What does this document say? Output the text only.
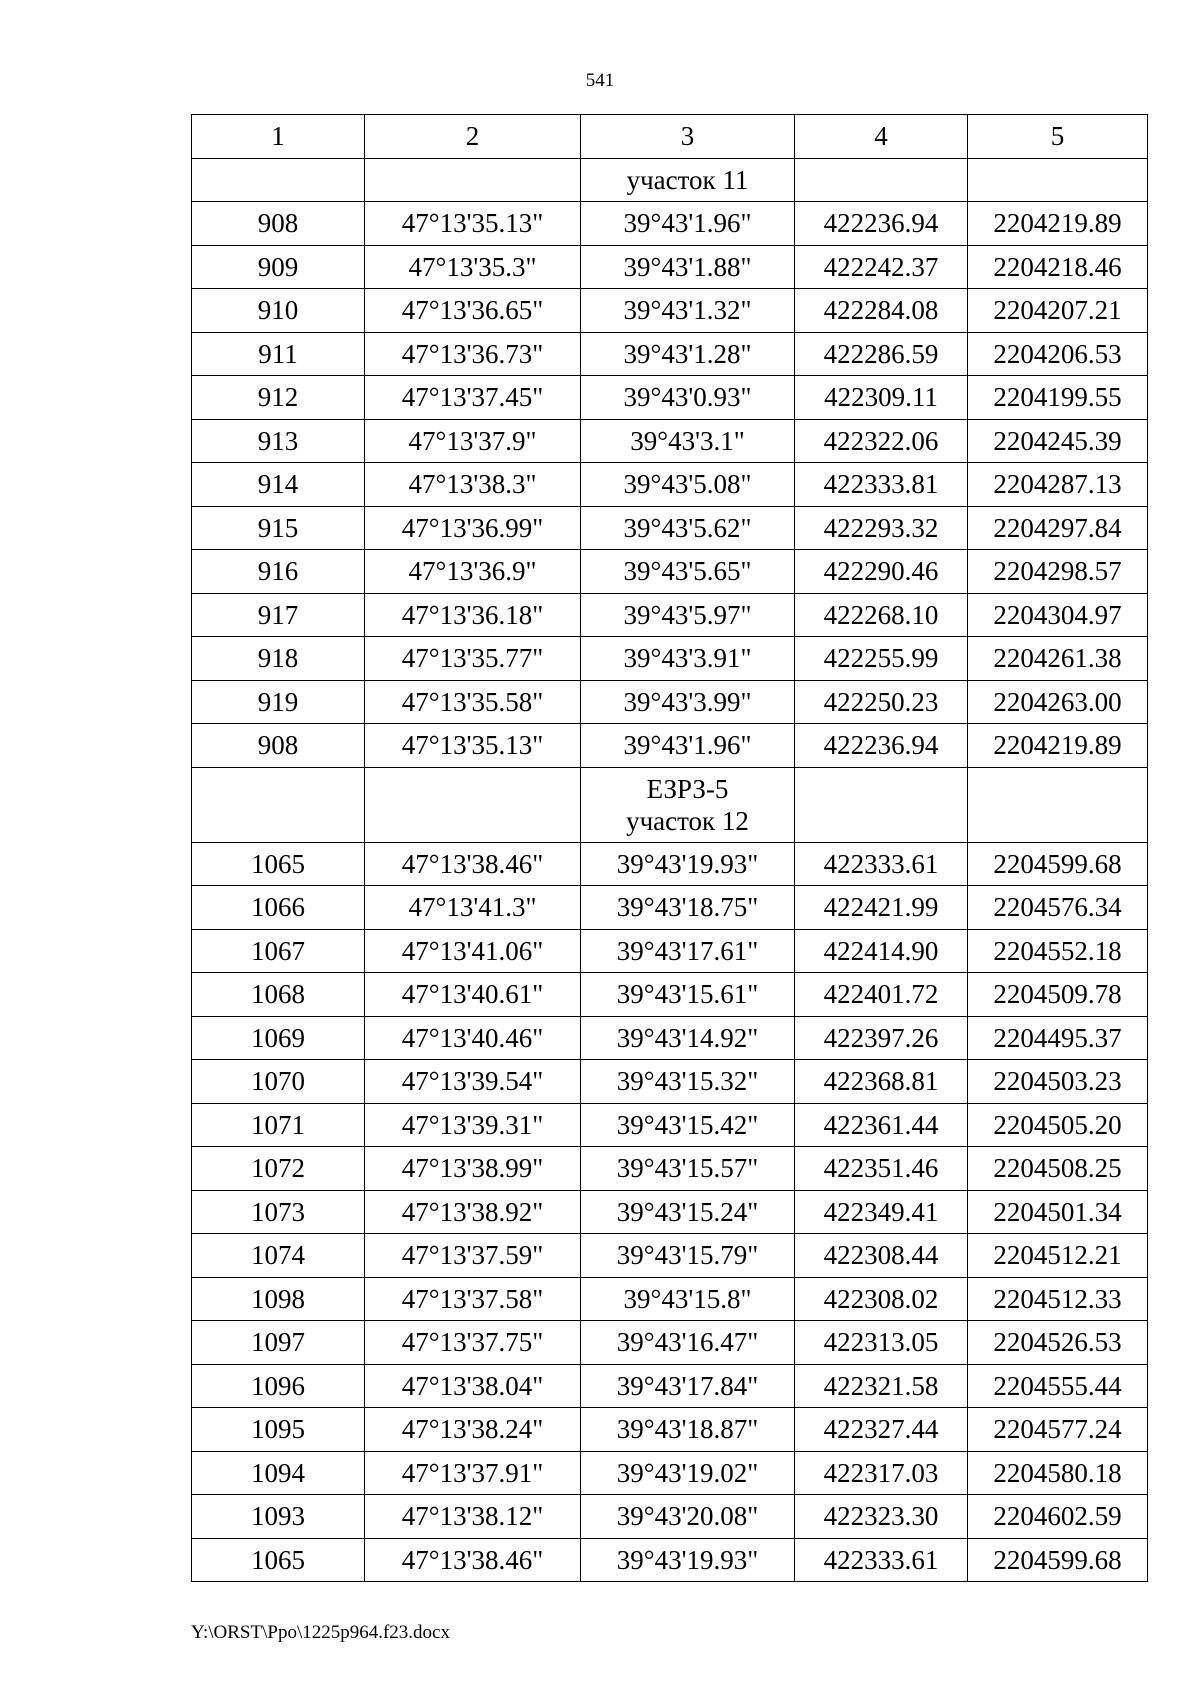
541
1	2	3	4	5
		участок 11		
908	47°13'35.13"	39°43'1.96"	422236.94	2204219.89
909	47°13'35.3"	39°43'1.88"	422242.37	2204218.46
910	47°13'36.65"	39°43'1.32"	422284.08	2204207.21
911	47°13'36.73"	39°43'1.28"	422286.59	2204206.53
912	47°13'37.45"	39°43'0.93"	422309.11	2204199.55
913	47°13'37.9"	39°43'3.1"	422322.06	2204245.39
914	47°13'38.3"	39°43'5.08"	422333.81	2204287.13
915	47°13'36.99"	39°43'5.62"	422293.32	2204297.84
916	47°13'36.9"	39°43'5.65"	422290.46	2204298.57
917	47°13'36.18"	39°43'5.97"	422268.10	2204304.97
918	47°13'35.77"	39°43'3.91"	422255.99	2204261.38
919	47°13'35.58"	39°43'3.99"	422250.23	2204263.00
908	47°13'35.13"	39°43'1.96"	422236.94	2204219.89

		ЕЗРЗ-5
участок 12		

1065	47°13'38.46"	39°43'19.93"	422333.61	2204599.68
1066	47°13'41.3"	39°43'18.75"	422421.99	2204576.34
1067	47°13'41.06"	39°43'17.61"	422414.90	2204552.18
1068	47°13'40.61"	39°43'15.61"	422401.72	2204509.78
1069	47°13'40.46"	39°43'14.92"	422397.26	2204495.37
1070	47°13'39.54"	39°43'15.32"	422368.81	2204503.23
1071	47°13'39.31"	39°43'15.42"	422361.44	2204505.20
1072	47°13'38.99"	39°43'15.57"	422351.46	2204508.25
1073	47°13'38.92"	39°43'15.24"	422349.41	2204501.34
1074	47°13'37.59"	39°43'15.79"	422308.44	2204512.21
1098	47°13'37.58"	39°43'15.8"	422308.02	2204512.33
1097	47°13'37.75"	39°43'16.47"	422313.05	2204526.53
1096	47°13'38.04"	39°43'17.84"	422321.58	2204555.44
1095	47°13'38.24"	39°43'18.87"	422327.44	2204577.24
1094	47°13'37.91"	39°43'19.02"	422317.03	2204580.18
1093	47°13'38.12"	39°43'20.08"	422323.30	2204602.59
1065	47°13'38.46"	39°43'19.93"	422333.61	2204599.68
Y:\ORST\Ppo\1225p964.f23.docx
